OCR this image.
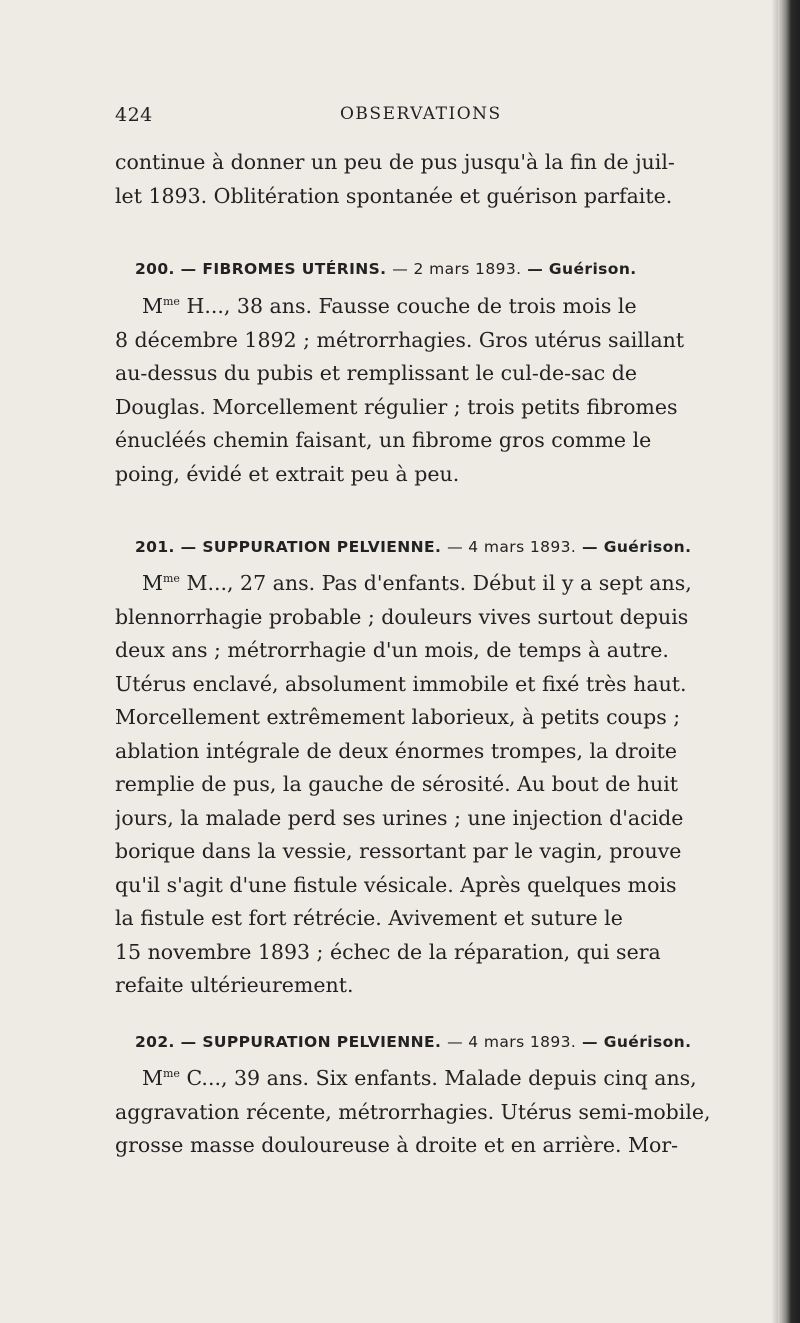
424	OBSERVATIONS
continue à donner un peu de pus jusqu'à la fin de juil-
let 1893. Oblitération spontanée et guérison parfaite.
200. — FIBROMES UTÉRINS. — 2 mars 1893. — Guérison.
$M^{me}$ H..., 38 ans. Fausse couche de trois mois le
8 décembre 1892 ; métrorrhagies. Gros utérus saillant
au-dessus du pubis et remplissant le cul-de-sac de
Douglas. Morcellement régulier ; trois petits fibromes
énucléés chemin faisant, un fibrome gros comme le
poing, évidé et extrait peu à peu.
201. — SUPPURATION PELVIENNE. — 4 mars 1893. — Guérison.
$M^{me}$ M..., 27 ans. Pas d'enfants. Début il y a sept ans,
blennorrhagie probable ; douleurs vives surtout depuis
deux ans ; métrorrhagie d'un mois, de temps à autre.
Utérus enclavé, absolument immobile et fixé très haut.
Morcellement extrêmement laborieux, à petits coups ;
ablation intégrale de deux énormes trompes, la droite
remplie de pus, la gauche de sérosité. Au bout de huit
jours, la malade perd ses urines ; une injection d'acide
borique dans la vessie, ressortant par le vagin, prouve
qu'il s'agit d'une fistule vésicale. Après quelques mois
la fistule est fort rétrécie. Avivement et suture le
15 novembre 1893 ; échec de la réparation, qui sera
refaite ultérieurement.
202. — SUPPURATION PELVIENNE. — 4 mars 1893. — Guérison.
$M^{me}$ C..., 39 ans. Six enfants. Malade depuis cinq ans,
aggravation récente, métrorrhagies. Utérus semi-mobile,
grosse masse douloureuse à droite et en arrière. Mor-
